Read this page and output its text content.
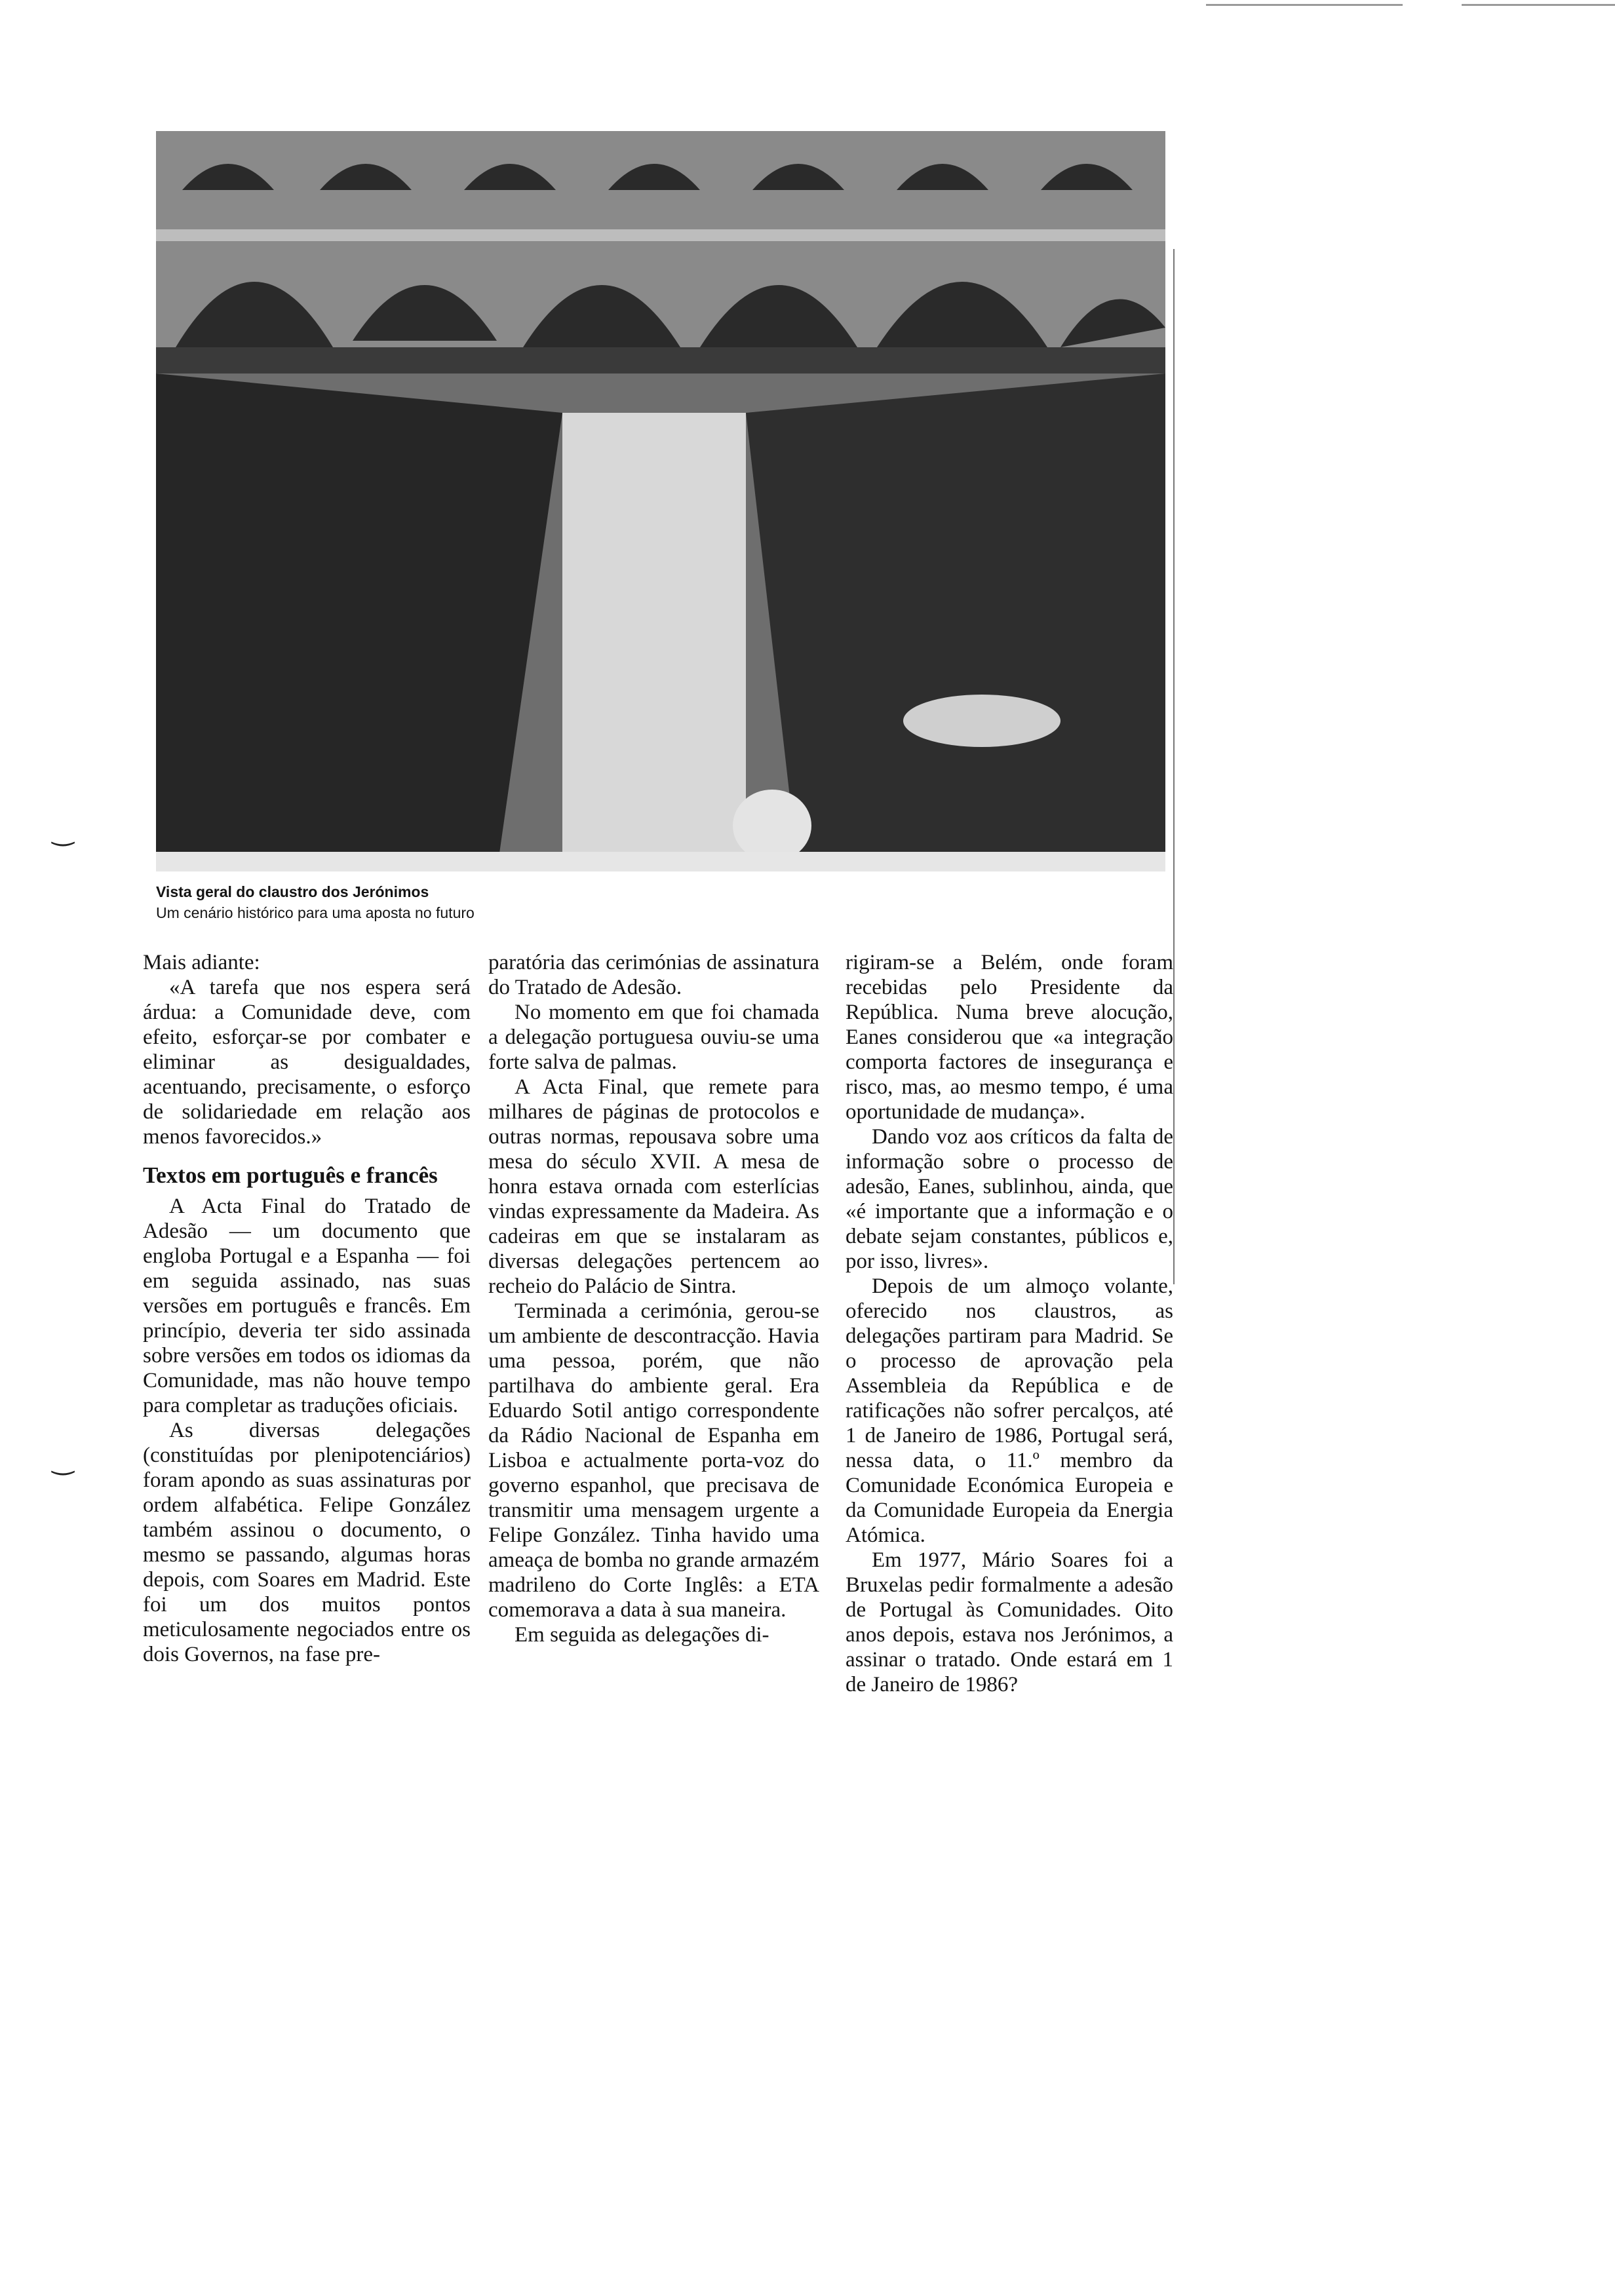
Vista geral do claustro dos Jerónimos
Um cenário histórico para uma aposta no futuro

Mais adiante:

«A tarefa que nos espera será árdua: a Comunidade deve, com efeito, esforçar-se por combater e eliminar as desigualdades, acentuando, precisamente, o esforço de solidariedade em relação aos menos favorecidos.»

Textos em português e francês

A Acta Final do Tratado de Adesão — um documento que engloba Portugal e a Espanha — foi em seguida assinado, nas suas versões em português e francês. Em princípio, deveria ter sido assinada sobre versões em todos os idiomas da Comunidade, mas não houve tempo para completar as traduções oficiais.

As diversas delegações (constituídas por plenipotenciários) foram apondo as suas assinaturas por ordem alfabética. Felipe González também assinou o documento, o mesmo se passando, algumas horas depois, com Soares em Madrid. Este foi um dos muitos pontos meticulosamente negociados entre os dois Governos, na fase pre-

paratória das cerimónias de assinatura do Tratado de Adesão.

No momento em que foi chamada a delegação portuguesa ouviu-se uma forte salva de palmas.

A Acta Final, que remete para milhares de páginas de protocolos e outras normas, repousava sobre uma mesa do século XVII. A mesa de honra estava ornada com esterlícias vindas expressamente da Madeira. As cadeiras em que se instalaram as diversas delegações pertencem ao recheio do Palácio de Sintra.

Terminada a cerimónia, gerou-se um ambiente de descontracção. Havia uma pessoa, porém, que não partilhava do ambiente geral. Era Eduardo Sotil antigo correspondente da Rádio Nacional de Espanha em Lisboa e actualmente porta-voz do governo espanhol, que precisava de transmitir uma mensagem urgente a Felipe González. Tinha havido uma ameaça de bomba no grande armazém madrileno do Corte Inglês: a ETA comemorava a data à sua maneira.

Em seguida as delegações di-

rigiram-se a Belém, onde foram recebidas pelo Presidente da República. Numa breve alocução, Eanes considerou que «a integração comporta factores de insegurança e risco, mas, ao mesmo tempo, é uma oportunidade de mudança».

Dando voz aos críticos da falta de informação sobre o processo de adesão, Eanes, sublinhou, ainda, que «é importante que a informação e o debate sejam constantes, públicos e, por isso, livres».

Depois de um almoço volante, oferecido nos claustros, as delegações partiram para Madrid. Se o processo de aprovação pela Assembleia da República e de ratificações não sofrer percalços, até 1 de Janeiro de 1986, Portugal será, nessa data, o 11.º membro da Comunidade Económica Europeia e da Comunidade Europeia da Energia Atómica.

Em 1977, Mário Soares foi a Bruxelas pedir formalmente a adesão de Portugal às Comunidades. Oito anos depois, estava nos Jerónimos, a assinar o tratado. Onde estará em 1 de Janeiro de 1986?

‿
‿
